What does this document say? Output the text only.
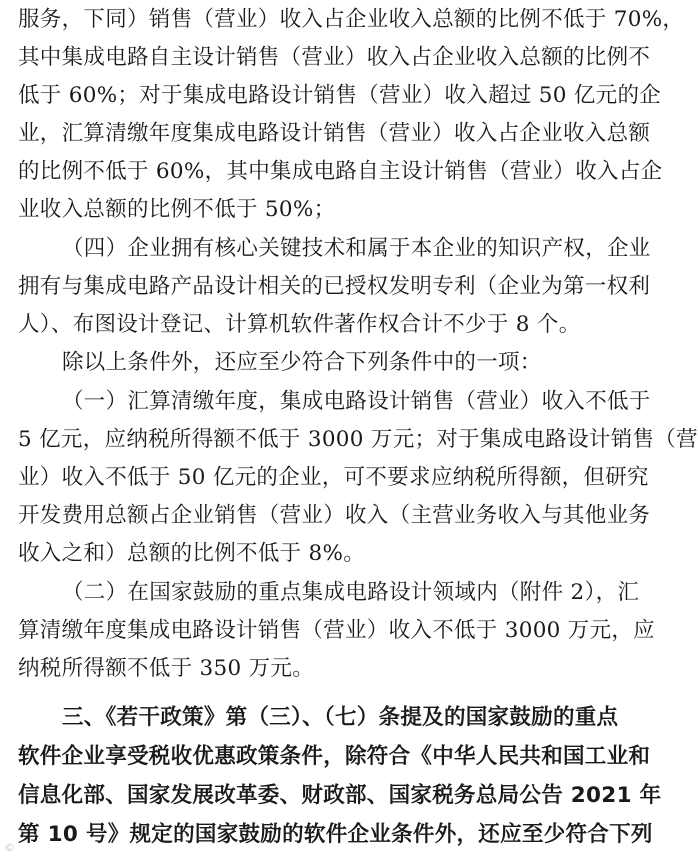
服务，下同）销售（营业）收入占企业收入总额的比例不低于 70%，
其中集成电路自主设计销售（营业）收入占企业收入总额的比例不
低于 60%；对于集成电路设计销售（营业）收入超过 50 亿元的企
业，汇算清缴年度集成电路设计销售（营业）收入占企业收入总额
的比例不低于 60%，其中集成电路自主设计销售（营业）收入占企
业收入总额的比例不低于 50%；
（四）企业拥有核心关键技术和属于本企业的知识产权，企业
拥有与集成电路产品设计相关的已授权发明专利（企业为第一权利
人）、布图设计登记、计算机软件著作权合计不少于 8 个。
除以上条件外，还应至少符合下列条件中的一项：
（一）汇算清缴年度，集成电路设计销售（营业）收入不低于
5 亿元，应纳税所得额不低于 3000 万元；对于集成电路设计销售（营
业）收入不低于 50 亿元的企业，可不要求应纳税所得额，但研究
开发费用总额占企业销售（营业）收入（主营业务收入与其他业务
收入之和）总额的比例不低于 8%。
（二）在国家鼓励的重点集成电路设计领域内（附件 2），汇
算清缴年度集成电路设计销售（营业）收入不低于 3000 万元，应
纳税所得额不低于 350 万元。
三、《若干政策》第（三）、（七）条提及的国家鼓励的重点
软件企业享受税收优惠政策条件，除符合《中华人民共和国工业和
信息化部、国家发展改革委、财政部、国家税务总局公告 2021 年
第 10 号》规定的国家鼓励的软件企业条件外，还应至少符合下列
©
